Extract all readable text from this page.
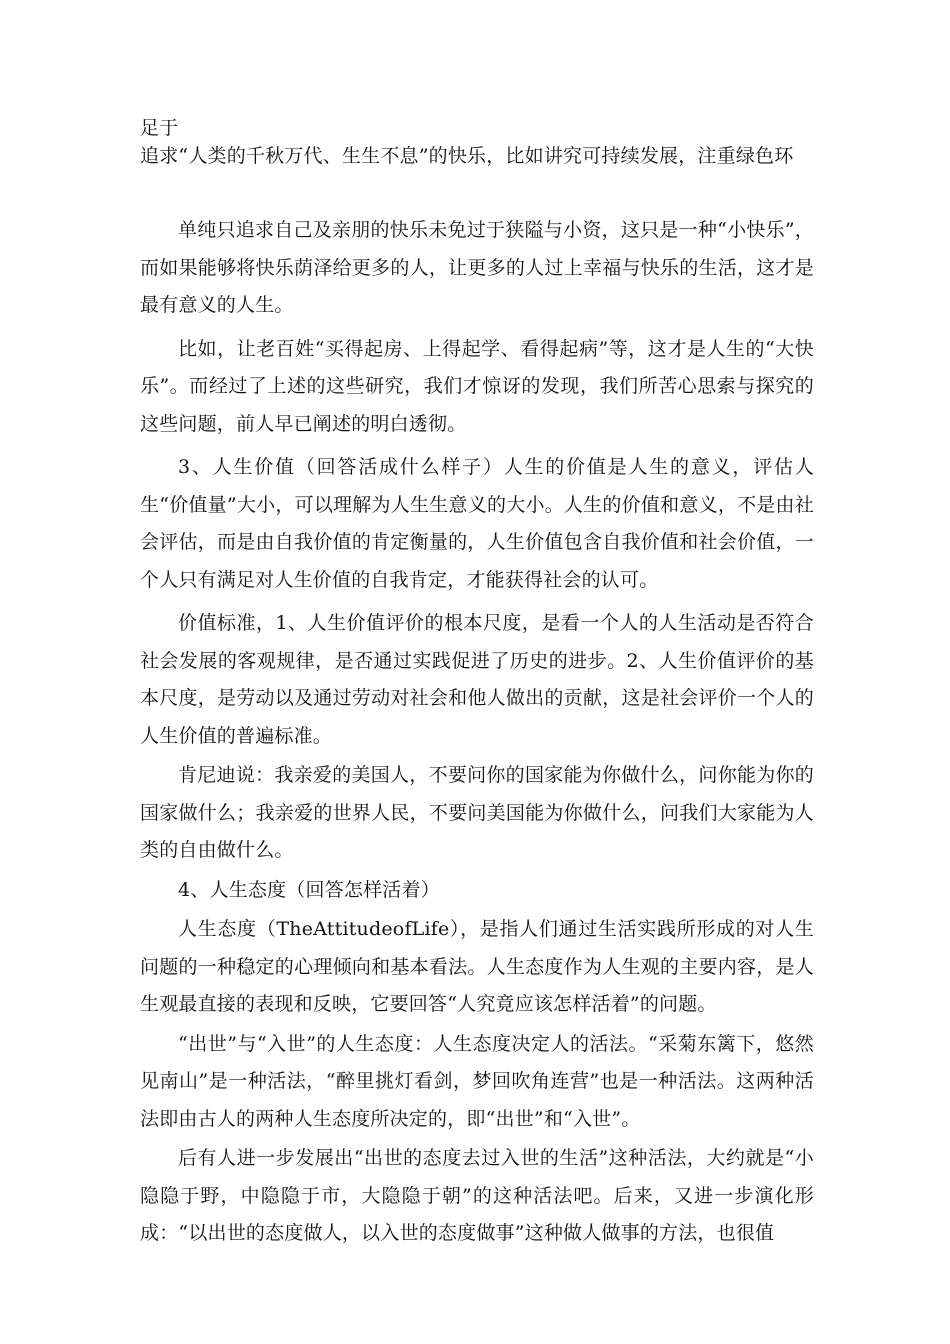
足于

追求“人类的千秋万代、生生不息”的快乐，比如讲究可持续发展，注重绿色环

单纯只追求自己及亲朋的快乐未免过于狭隘与小资，这只是一种“小快乐”，而如果能够将快乐荫泽给更多的人，让更多的人过上幸福与快乐的生活，这才是最有意义的人生。

比如，让老百姓“买得起房、上得起学、看得起病”等，这才是人生的“大快乐”。而经过了上述的这些研究，我们才惊讶的发现，我们所苦心思索与探究的这些问题，前人早已阐述的明白透彻。

3、人生价值（回答活成什么样子）人生的价值是人生的意义，评估人生“价值量”大小，可以理解为人生生意义的大小。人生的价值和意义，不是由社会评估，而是由自我价值的肯定衡量的，人生价值包含自我价值和社会价值，一个人只有满足对人生价值的自我肯定，才能获得社会的认可。

价值标准，1、人生价值评价的根本尺度，是看一个人的人生活动是否符合社会发展的客观规律，是否通过实践促进了历史的进步。2、人生价值评价的基本尺度，是劳动以及通过劳动对社会和他人做出的贡献，这是社会评价一个人的人生价值的普遍标准。

肯尼迪说：我亲爱的美国人，不要问你的国家能为你做什么，问你能为你的国家做什么；我亲爱的世界人民，不要问美国能为你做什么，问我们大家能为人类的自由做什么。

4、人生态度（回答怎样活着）

人生态度（TheAttitudeofLife），是指人们通过生活实践所形成的对人生问题的一种稳定的心理倾向和基本看法。人生态度作为人生观的主要内容，是人生观最直接的表现和反映，它要回答“人究竟应该怎样活着”的问题。

“出世”与“入世”的人生态度：人生态度决定人的活法。“采菊东篱下，悠然见南山”是一种活法，“醉里挑灯看剑，梦回吹角连营”也是一种活法。这两种活法即由古人的两种人生态度所决定的，即“出世”和“入世”。

后有人进一步发展出“出世的态度去过入世的生活”这种活法，大约就是“小隐隐于野，中隐隐于市，大隐隐于朝”的这种活法吧。后来，又进一步演化形成：“以出世的态度做人，以入世的态度做事”这种做人做事的方法，也很值
